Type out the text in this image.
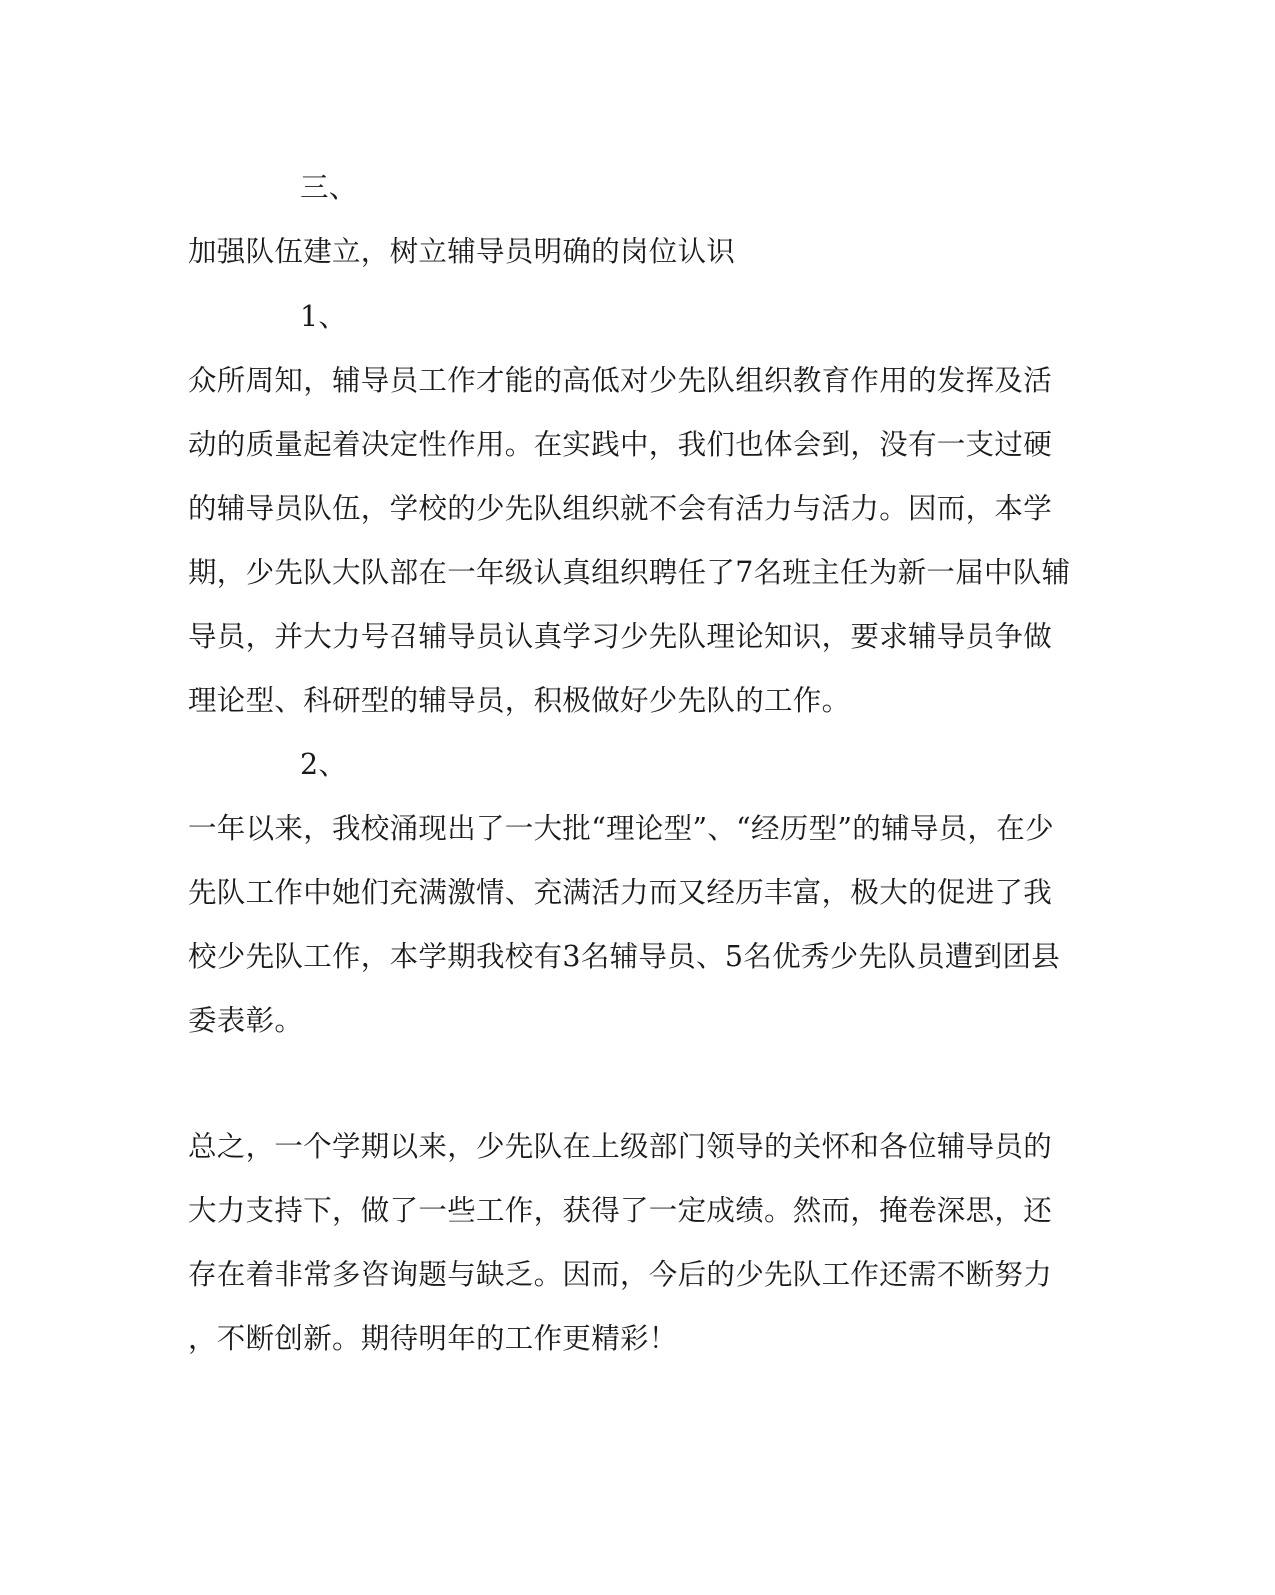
三、
加强队伍建立，树立辅导员明确的岗位认识
1、
众所周知，辅导员工作才能的高低对少先队组织教育作用的发挥及活
动的质量起着决定性作用。在实践中，我们也体会到，没有一支过硬
的辅导员队伍，学校的少先队组织就不会有活力与活力。因而，本学
期，少先队大队部在一年级认真组织聘任了7名班主任为新一届中队辅
导员，并大力号召辅导员认真学习少先队理论知识，要求辅导员争做
理论型、科研型的辅导员，积极做好少先队的工作。
2、
一年以来，我校涌现出了一大批“理论型”、“经历型”的辅导员，在少
先队工作中她们充满激情、充满活力而又经历丰富，极大的促进了我
校少先队工作，本学期我校有3名辅导员、5名优秀少先队员遭到团县
委表彰。
总之，一个学期以来，少先队在上级部门领导的关怀和各位辅导员的
大力支持下，做了一些工作，获得了一定成绩。然而，掩卷深思，还
存在着非常多咨询题与缺乏。因而，今后的少先队工作还需不断努力
，不断创新。期待明年的工作更精彩！
